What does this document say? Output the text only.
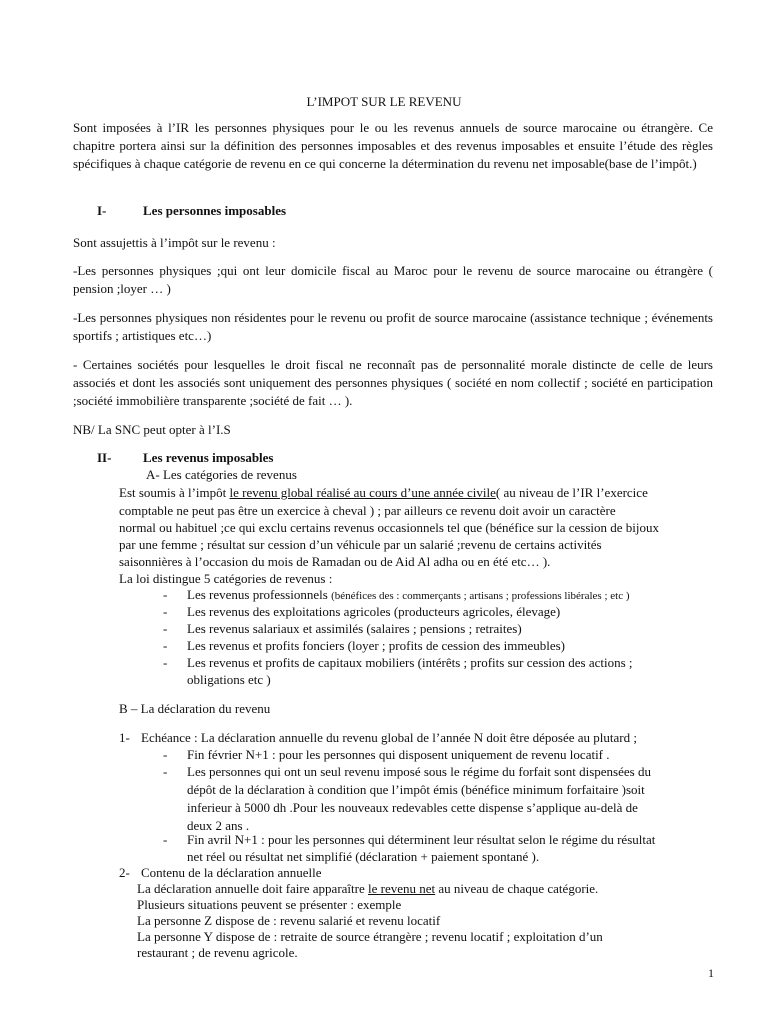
L’IMPOT SUR LE REVENU
Sont imposées à l’IR les personnes physiques pour le ou les revenus annuels de source marocaine ou étrangère. Ce chapitre portera ainsi sur la définition des personnes imposables et des revenus imposables et ensuite l’étude des règles spécifiques à chaque catégorie de revenu en ce qui concerne la détermination du revenu net imposable(base de l’impôt.)
I-	Les personnes imposables
Sont assujettis à l’impôt sur le revenu :
-Les personnes physiques ;qui ont leur domicile fiscal au Maroc pour le revenu de source marocaine ou étrangère ( pension ;loyer … )
-Les personnes physiques non résidentes pour le revenu ou profit de source marocaine (assistance technique ; événements sportifs ; artistiques etc…)
- Certaines sociétés pour lesquelles le droit fiscal ne reconnaît pas de personnalité morale distincte de celle de leurs associés et dont les associés sont uniquement des personnes physiques ( société en nom collectif ; société en participation ;société immobilière transparente ;société de fait … ).
NB/ La SNC peut opter à l’I.S
II- Les revenus imposables
A- Les catégories de revenus
Est soumis à l’impôt le revenu global réalisé au cours d’une année civile( au niveau de l’IR l’exercice
comptable ne peut pas être un exercice à cheval ) ; par ailleurs ce revenu doit avoir un caractère
normal ou habituel ;ce qui exclu certains revenus occasionnels tel que (bénéfice sur la cession de bijoux
par une femme ; résultat sur cession d’un véhicule par un salarié ;revenu de certains activités
saisonnières à l’occasion du mois de Ramadan ou de Aid Al adha ou en été etc… ).
La loi distingue 5 catégories de revenus :
- Les revenus professionnels (bénéfices des : commerçants ; artisans ; professions libérales ; etc )
- Les revenus des exploitations agricoles (producteurs agricoles, élevage)
- Les revenus salariaux et assimilés (salaires ; pensions ; retraites)
- Les revenus et profits fonciers (loyer ; profits de cession des immeubles)
- Les revenus et profits de capitaux mobiliers (intérêts ; profits sur cession des actions ;
obligations etc )
B – La déclaration du revenu
1- Echéance : La déclaration annuelle du revenu global de l’année N doit être déposée au plutard ;
- Fin février N+1 : pour les personnes qui disposent uniquement de revenu locatif .
- Les personnes qui ont un seul revenu imposé sous le régime du forfait sont dispensées du
dépôt de la déclaration à condition que l’impôt émis (bénéfice minimum forfaitaire )soit
inferieur à 5000 dh .Pour les nouveaux redevables cette dispense s’applique au-delà de
deux 2 ans .
- Fin avril N+1 : pour les personnes qui déterminent leur résultat selon le régime du résultat
net réel ou résultat net simplifié (déclaration + paiement spontané ).
2- Contenu de la déclaration annuelle
La déclaration annuelle doit faire apparaître le revenu net au niveau de chaque catégorie.
Plusieurs situations peuvent se présenter : exemple
La personne Z dispose de : revenu salarié et revenu locatif
La personne Y dispose de : retraite de source étrangère ; revenu locatif ; exploitation d’un
restaurant ; de revenu agricole.
1
